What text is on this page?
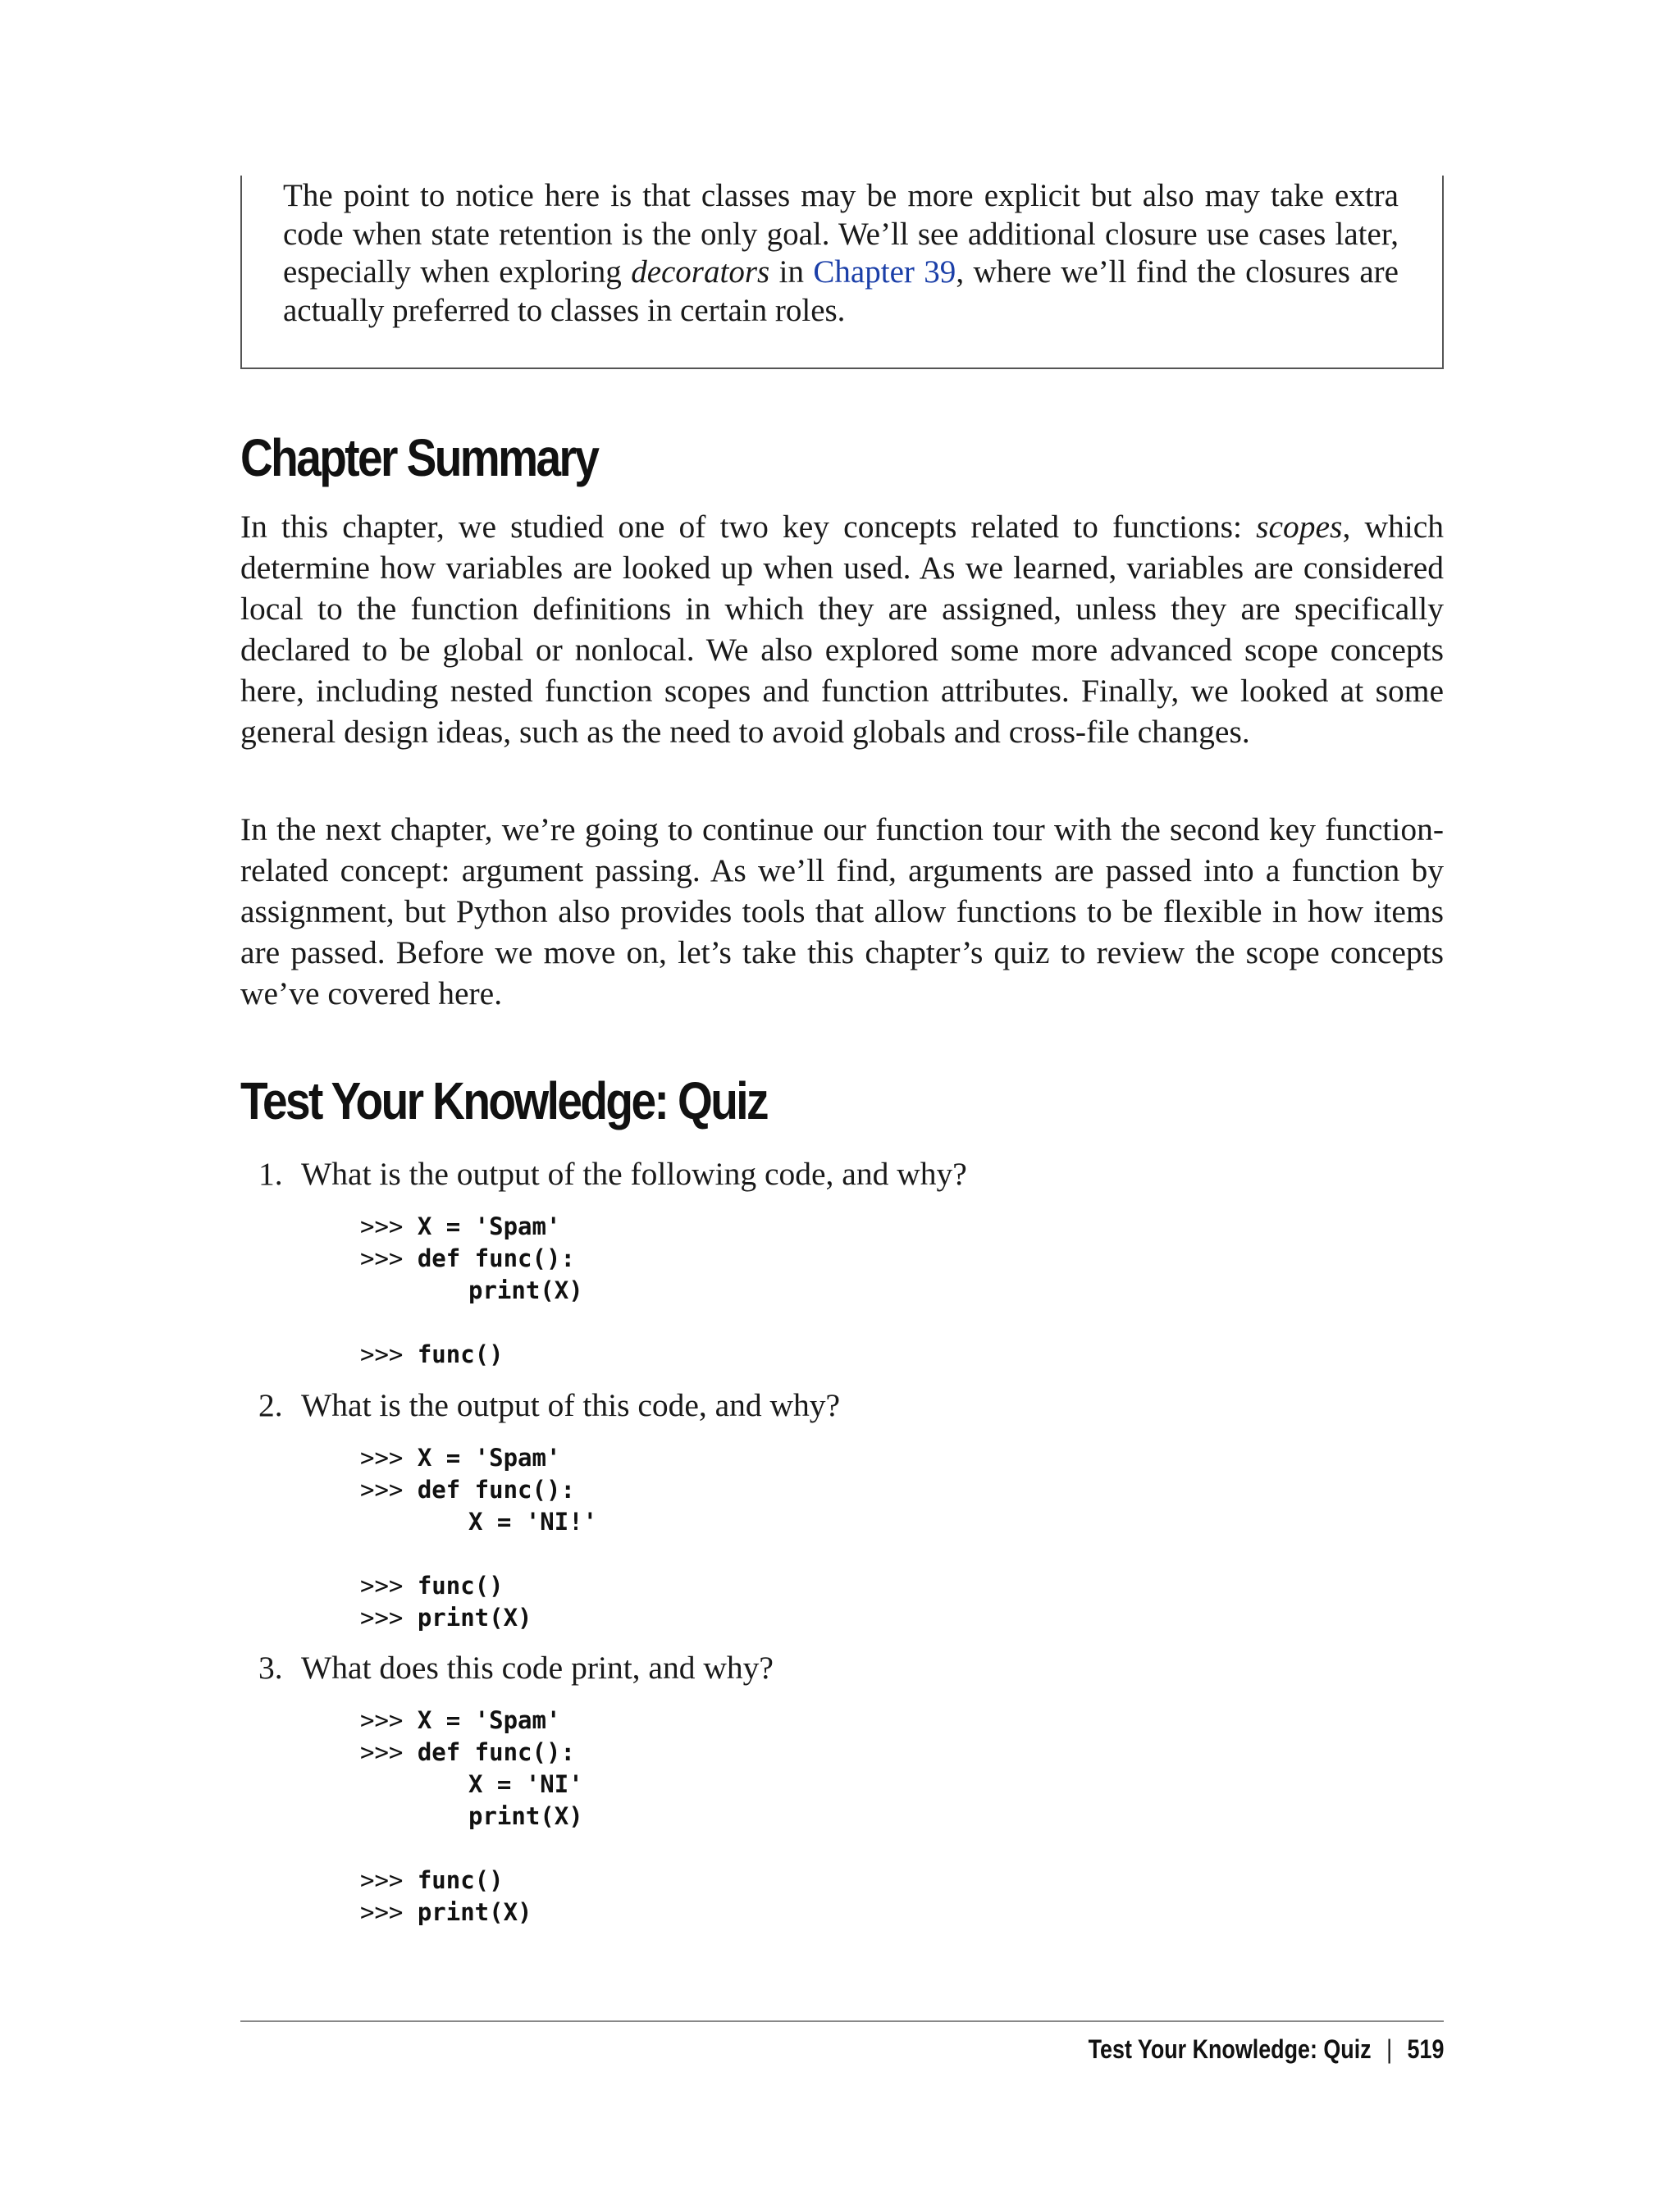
The point to notice here is that classes may be more explicit but also may take extra code when state retention is the only goal. We’ll see additional closure use cases later, especially when exploring decorators in Chapter 39, where we’ll find the closures are actually preferred to classes in certain roles.

Chapter Summary

In this chapter, we studied one of two key concepts related to functions: scopes, which determine how variables are looked up when used. As we learned, variables are considered local to the function definitions in which they are assigned, unless they are specifically declared to be global or nonlocal. We also explored some more advanced scope concepts here, including nested function scopes and function attributes. Finally, we looked at some general design ideas, such as the need to avoid globals and cross-file changes.

In the next chapter, we’re going to continue our function tour with the second key function-related concept: argument passing. As we’ll find, arguments are passed into a function by assignment, but Python also provides tools that allow functions to be flexible in how items are passed. Before we move on, let’s take this chapter’s quiz to review the scope concepts we’ve covered here.

Test Your Knowledge: Quiz
1. What is the output of the following code, and why?
>>> X = 'Spam'
>>> def func():
print(X)
>>> func()
2. What is the output of this code, and why?
>>> X = 'Spam'
>>> def func():
X = 'NI!'
>>> func()
>>> print(X)
3. What does this code print, and why?
>>> X = 'Spam'
>>> def func():
X = 'NI'
print(X)
>>> func()
>>> print(X)
Test Your Knowledge: Quiz | 519
